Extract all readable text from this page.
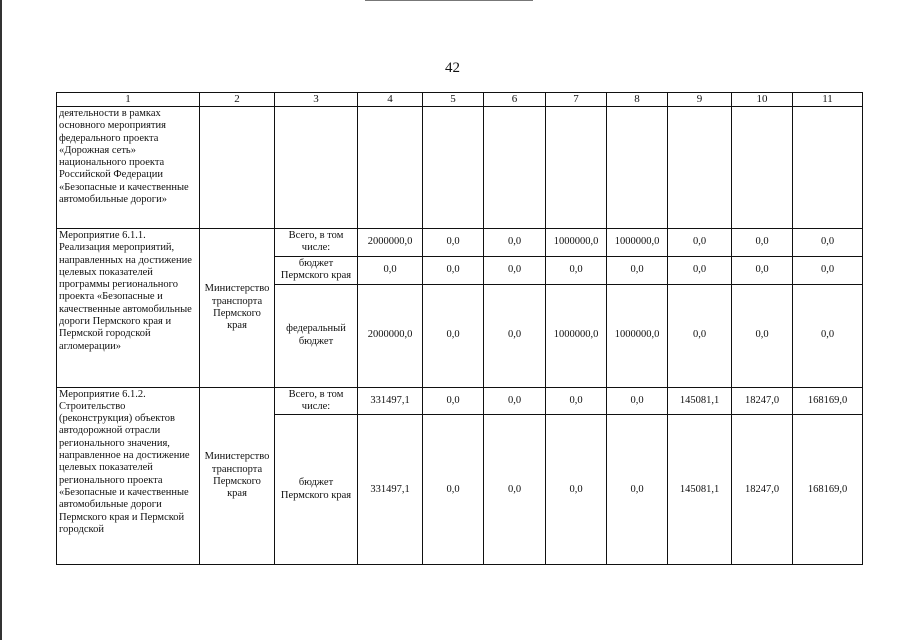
42
1	2	3	4	5	6	7	8	9	10	11
деятельности в рамках основного мероприятия федерального проекта «Дорожная сеть» национального проекта Российской Федерации «Безопасные и качественные автомобильные дороги»										
Мероприятие 6.1.1. Реализация мероприятий, направленных на достижение целевых показателей программы регионального проекта «Безопасные и качественные автомобильные дороги Пермского края и Пермской городской агломерации»	Министерство транспорта Пермского края	Всего, в том числе:	2000000,0	0,0	0,0	1000000,0	1000000,0	0,0	0,0	0,0
		бюджет Пермского края	0,0	0,0	0,0	0,0	0,0	0,0	0,0	0,0
		федеральный бюджет	2000000,0	0,0	0,0	1000000,0	1000000,0	0,0	0,0	0,0
Мероприятие 6.1.2. Строительство (реконструкция) объектов автодорожной отрасли регионального значения, направленное на достижение целевых показателей регионального проекта «Безопасные и качественные автомобильные дороги Пермского края и Пермской городской	Министерство транспорта Пермского края	Всего, в том числе:	331497,1	0,0	0,0	0,0	0,0	145081,1	18247,0	168169,0
		бюджет Пермского края	331497,1	0,0	0,0	0,0	0,0	145081,1	18247,0	168169,0
